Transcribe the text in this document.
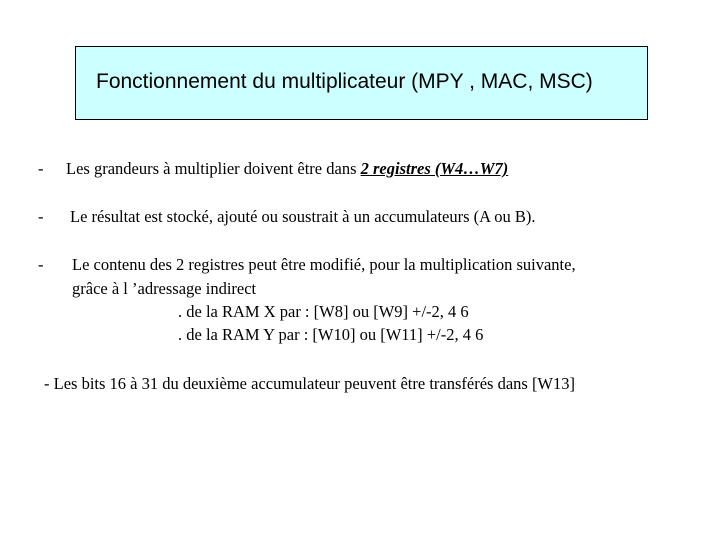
Fonctionnement du multiplicateur (MPY , MAC, MSC)
- Les grandeurs à multiplier doivent être dans 2 registres (W4…W7)
- Le résultat est stocké, ajouté ou soustrait à un accumulateurs (A ou B).
- Le contenu des 2 registres peut être modifié, pour la multiplication suivante,
grâce à l ’adressage indirect
. de la RAM X par : [W8] ou [W9] +/-2, 4 6
. de la RAM Y par : [W10] ou [W11] +/-2, 4 6
- Les bits 16 à 31 du deuxième accumulateur peuvent être transférés dans [W13]
